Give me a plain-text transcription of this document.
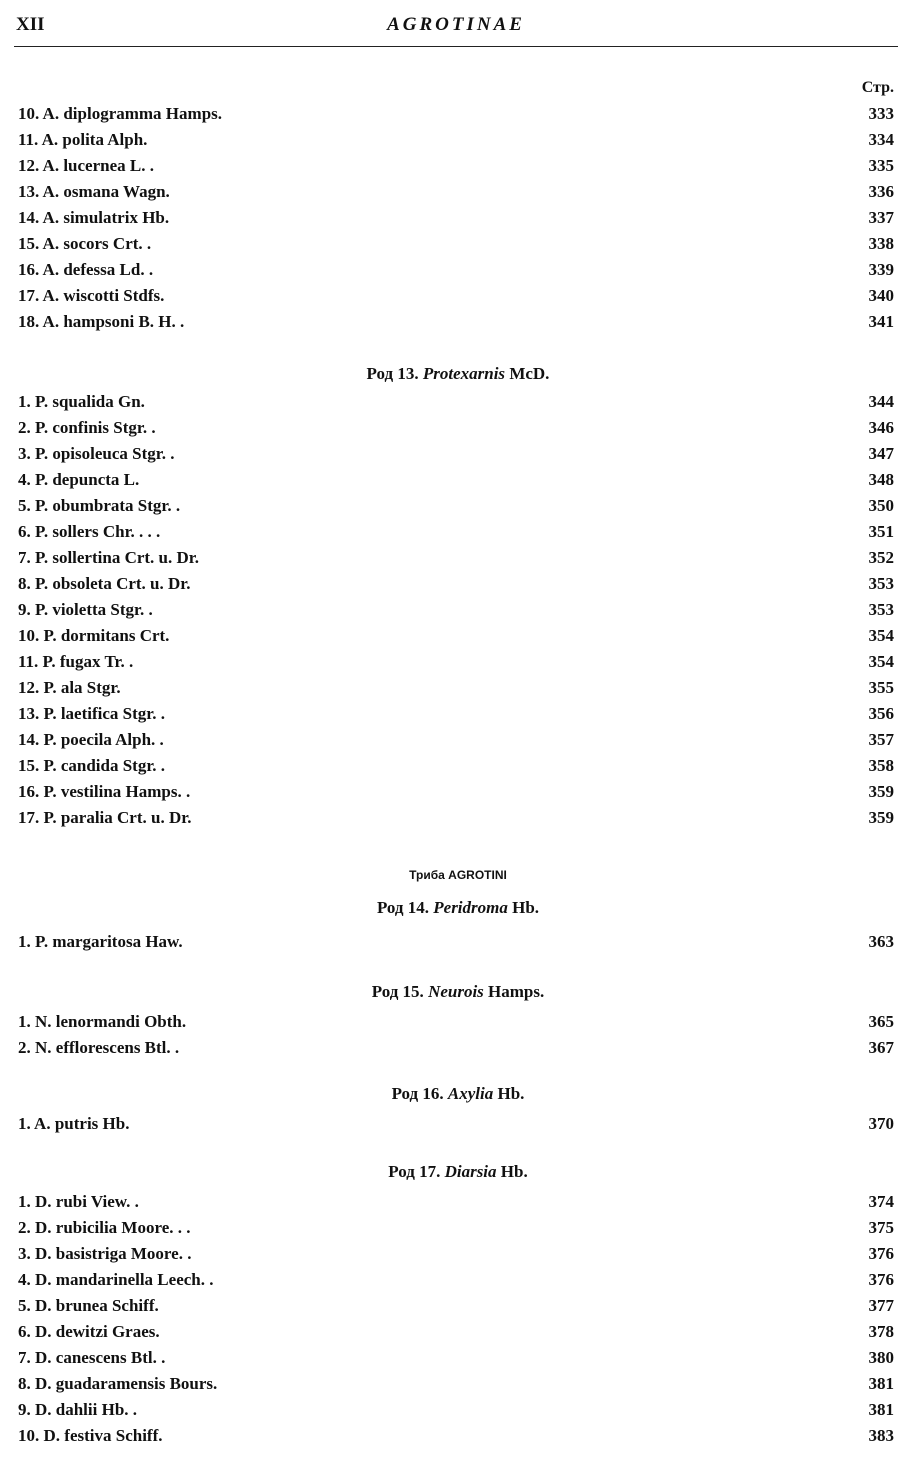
XII	AGROTINAE
Стр.
10. A. diplogramma Hamps.	333
11. A. polita Alph.	334
12. A. lucernea L. .	335
13. A. osmana Wagn.	336
14. A. simulatrix Hb.	337
15. A. socors Crt. .	338
16. A. defessa Ld. .	339
17. A. wiscotti Stdfs.	340
18. A. hampsoni B. H. .	341
Род 13. Protexarnis McD.
1. P. squalida Gn.	344
2. P. confinis Stgr. .	346
3. P. opisoleuca Stgr. .	347
4. P. depuncta L.	348
5. P. obumbrata Stgr. .	350
6. P. sollers Chr. . . .	351
7. P. sollertina Crt. u. Dr.	352
8. P. obsoleta Crt. u. Dr.	353
9. P. violetta Stgr. .	353
10. P. dormitans Crt.	354
11. P. fugax Tr. .	354
12. P. ala Stgr.	355
13. P. laetifica Stgr. .	356
14. P. poecila Alph. .	357
15. P. candida Stgr. .	358
16. P. vestilina Hamps. .	359
17. P. paralia Crt. u. Dr.	359
Триба AGROTINI
Род 14. Peridroma Hb.
1. P. margaritosa Haw.	363
Род 15. Neurois Hamps.
1. N. lenormandi Obth.	365
2. N. efflorescens Btl. .	367
Род 16. Axylia Hb.
1. A. putris Hb.	370
Род 17. Diarsia Hb.
1. D. rubi View. .	374
2. D. rubicilia Moore. . .	375
3. D. basistriga Moore. .	376
4. D. mandarinella Leech. .	376
5. D. brunea Schiff.	377
6. D. dewitzi Graes.	378
7. D. canescens Btl. .	380
8. D. guadaramensis Bours.	381
9. D. dahlii Hb. .	381
10. D. festiva Schiff.	383
